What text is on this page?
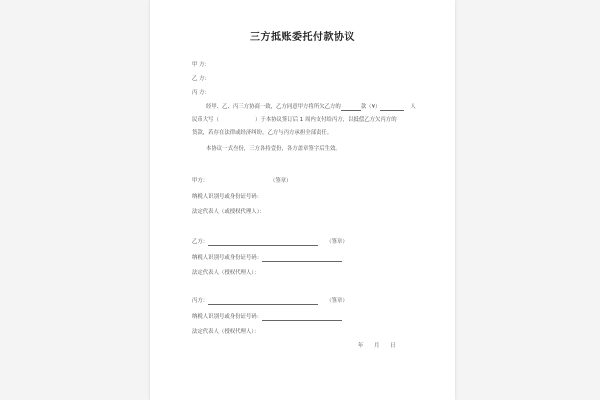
三方抵账委托付款协议
甲 方：
乙 方：
丙 方：
经甲、乙、丙三方协商一致，乙方同意甲方将所欠乙方的	款（¥）	人
民币大写（	）于本协议签订后 1 周内支付给丙方，以抵偿乙方欠丙方的
货款，若存在法律或经济纠纷，乙方与丙方承担全部责任。
本协议一式叁份，三方各持壹份，各方盖章签字后生效。
甲方：	（签章）
纳税人识别号或身份证号码：
法定代表人（或授权代理人）：
乙方：	（签章）
纳税人识别号或身份证号码：
法定代表人（授权代理人）：
丙方：	（签章）
纳税人识别号或身份证号码：
法定代表人（授权代理人）：
年 月 日
